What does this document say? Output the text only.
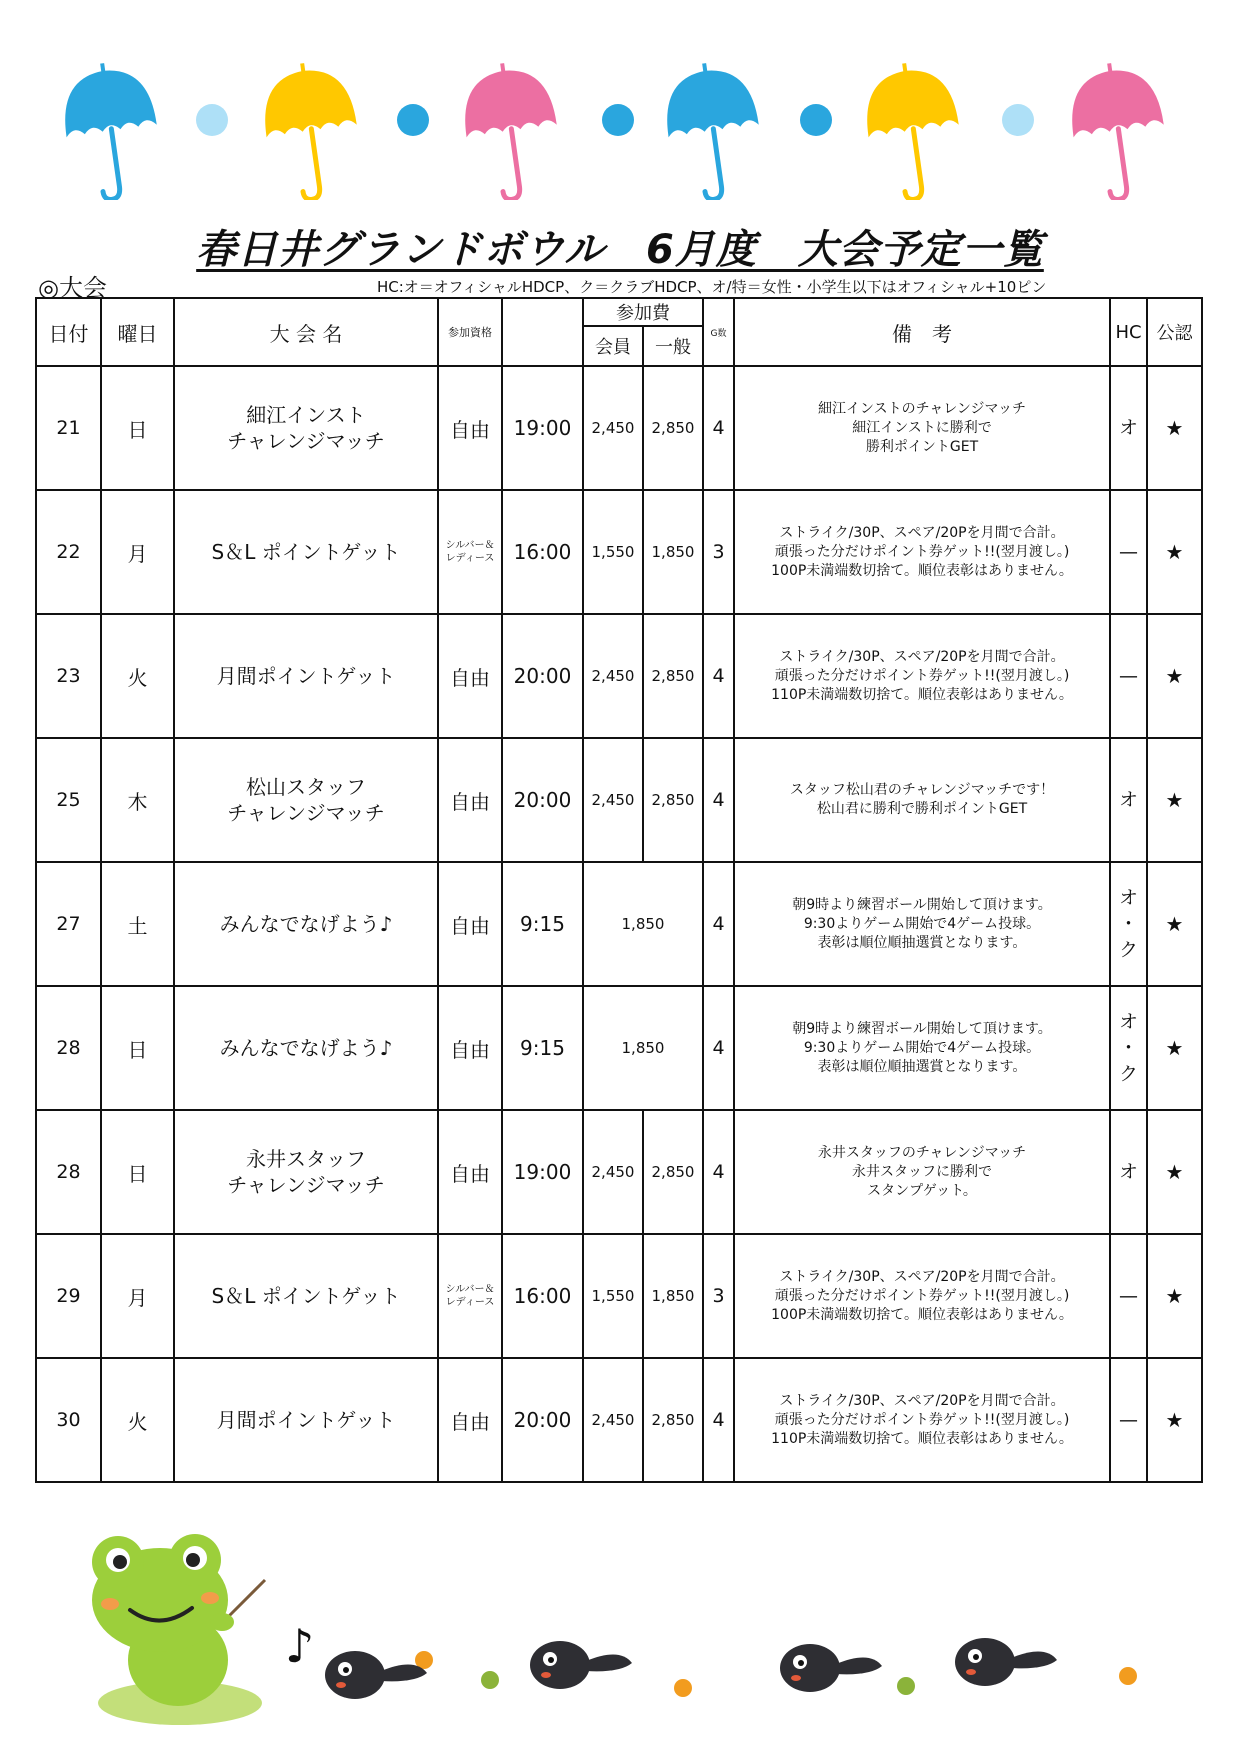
春日井グランドボウル　6月度　大会予定一覧
◎大会	HC:オ＝オフィシャルHDCP、ク＝クラブHDCP、オ/特＝女性・小学生以下はオフィシャル+10ピン
日付	曜日	大 会 名	参加資格		参加費		G数	備　考	HC	公認
					会員	一般				
21	日	細江インスト
チャレンジマッチ	自由	19:00	2,450	2,850	4	細江インストのチャレンジマッチ
細江インストに勝利で
勝利ポイントGET	オ	★
22	月	S＆L ポイントゲット	シルバー＆
レディース	16:00	1,550	1,850	3	ストライク/30P、スペア/20Pを月間で合計。
頑張った分だけポイント券ゲット!!(翌月渡し。)
100P未満端数切捨て。順位表彰はありません。	—	★
23	火	月間ポイントゲット	自由	20:00	2,450	2,850	4	ストライク/30P、スペア/20Pを月間で合計。
頑張った分だけポイント券ゲット!!(翌月渡し。)
110P未満端数切捨て。順位表彰はありません。	—	★
25	木	松山スタッフ
チャレンジマッチ	自由	20:00	2,450	2,850	4	スタッフ松山君のチャレンジマッチです！
松山君に勝利で勝利ポイントGET	オ	★
27	土	みんなでなげよう♪	自由	9:15	1,850		4	朝9時より練習ボール開始して頂けます。
9:30よりゲーム開始で4ゲーム投球。
表彰は順位順抽選賞となります。	オ
・
ク	★
28	日	みんなでなげよう♪	自由	9:15	1,850		4	朝9時より練習ボール開始して頂けます。
9:30よりゲーム開始で4ゲーム投球。
表彰は順位順抽選賞となります。	オ
・
ク	★
28	日	永井スタッフ
チャレンジマッチ	自由	19:00	2,450	2,850	4	永井スタッフのチャレンジマッチ
永井スタッフに勝利で
スタンプゲット。	オ	★
29	月	S＆L ポイントゲット	シルバー＆
レディース	16:00	1,550	1,850	3	ストライク/30P、スペア/20Pを月間で合計。
頑張った分だけポイント券ゲット!!(翌月渡し。)
100P未満端数切捨て。順位表彰はありません。	—	★
30	火	月間ポイントゲット	自由	20:00	2,450	2,850	4	ストライク/30P、スペア/20Pを月間で合計。
頑張った分だけポイント券ゲット!!(翌月渡し。)
110P未満端数切捨て。順位表彰はありません。	—	★
♪
